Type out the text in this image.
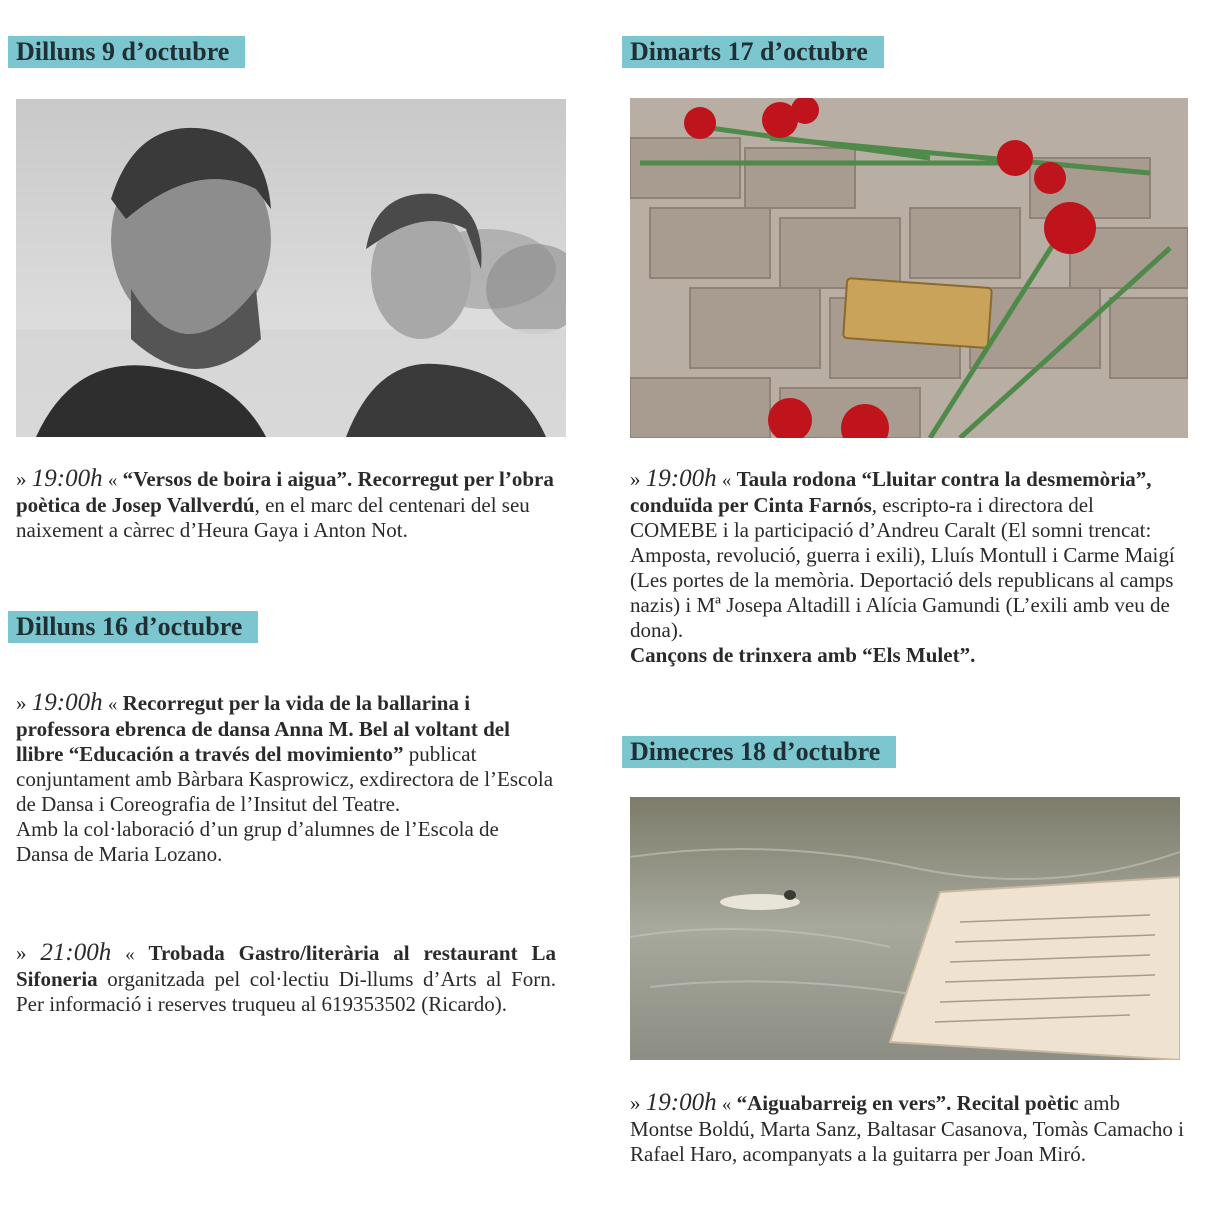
Dilluns 9 d’octubre

» 19:00h « “Versos de boira i aigua”. Recorregut per l’obra poètica de Josep Vallverdú, en el marc del centenari del seu naixement a càrrec d’Heura Gaya i Anton Not.

Dilluns 16 d’octubre

» 19:00h « Recorregut per la vida de la ballarina i professora ebrenca de dansa Anna M. Bel al voltant del llibre “Educación a través del movimiento” publicat conjuntament amb Bàrbara Kasprowicz, exdirectora de l’Escola de Dansa i Coreografia de l’Insitut del Teatre.
Amb la col·laboració d’un grup d’alumnes de l’Escola de Dansa de Maria Lozano.

» 21:00h « Trobada Gastro/literària al restaurant La Sifoneria organitzada pel col·lectiu Di-llums d’Arts al Forn. Per informació i reserves truqueu al 619353502 (Ricardo).

Dimarts 17 d’octubre

» 19:00h « Taula rodona “Lluitar contra la desmemòria”, conduïda per Cinta Farnós, escripto-ra i directora del COMEBE i la participació d’Andreu Caralt (El somni trencat: Amposta, revolució, guerra i exili), Lluís Montull i Carme Maigí (Les portes de la memòria. Deportació dels republicans al camps nazis) i Mª Josepa Altadill i Alícia Gamundi (L’exili amb veu de dona).
Cançons de trinxera amb “Els Mulet”.

Dimecres 18 d’octubre

» 19:00h « “Aiguabarreig en vers”. Recital poètic amb Montse Boldú, Marta Sanz, Baltasar Casanova, Tomàs Camacho i Rafael Haro, acompanyats a la guitarra per Joan Miró.
